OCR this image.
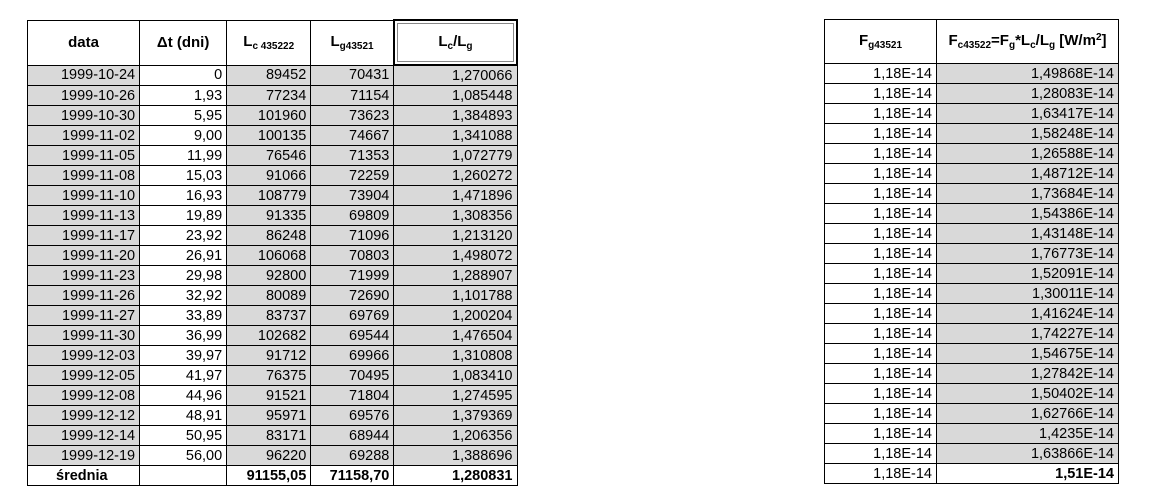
data	Δt (dni)	$L_{c 435222}$	$L_{g43521}$	$L_c/L_g$
1999-10-24	0	89452	70431	1,270066
1999-10-26	1,93	77234	71154	1,085448
1999-10-30	5,95	101960	73623	1,384893
1999-11-02	9,00	100135	74667	1,341088
1999-11-05	11,99	76546	71353	1,072779
1999-11-08	15,03	91066	72259	1,260272
1999-11-10	16,93	108779	73904	1,471896
1999-11-13	19,89	91335	69809	1,308356
1999-11-17	23,92	86248	71096	1,213120
1999-11-20	26,91	106068	70803	1,498072
1999-11-23	29,98	92800	71999	1,288907
1999-11-26	32,92	80089	72690	1,101788
1999-11-27	33,89	83737	69769	1,200204
1999-11-30	36,99	102682	69544	1,476504
1999-12-03	39,97	91712	69966	1,310808
1999-12-05	41,97	76375	70495	1,083410
1999-12-08	44,96	91521	71804	1,274595
1999-12-12	48,91	95971	69576	1,379369
1999-12-14	50,95	83171	68944	1,206356
1999-12-19	56,00	96220	69288	1,388696
średnia		91155,05	71158,70	1,280831
$F_{g43521}$	$F_{c43522}=F_g*L_c/L_g$ $[W/m^2]$
1,18E-14	1,49868E-14
1,18E-14	1,28083E-14
1,18E-14	1,63417E-14
1,18E-14	1,58248E-14
1,18E-14	1,26588E-14
1,18E-14	1,48712E-14
1,18E-14	1,73684E-14
1,18E-14	1,54386E-14
1,18E-14	1,43148E-14
1,18E-14	1,76773E-14
1,18E-14	1,52091E-14
1,18E-14	1,30011E-14
1,18E-14	1,41624E-14
1,18E-14	1,74227E-14
1,18E-14	1,54675E-14
1,18E-14	1,27842E-14
1,18E-14	1,50402E-14
1,18E-14	1,62766E-14
1,18E-14	1,4235E-14
1,18E-14	1,63866E-14
1,18E-14	1,51E-14
